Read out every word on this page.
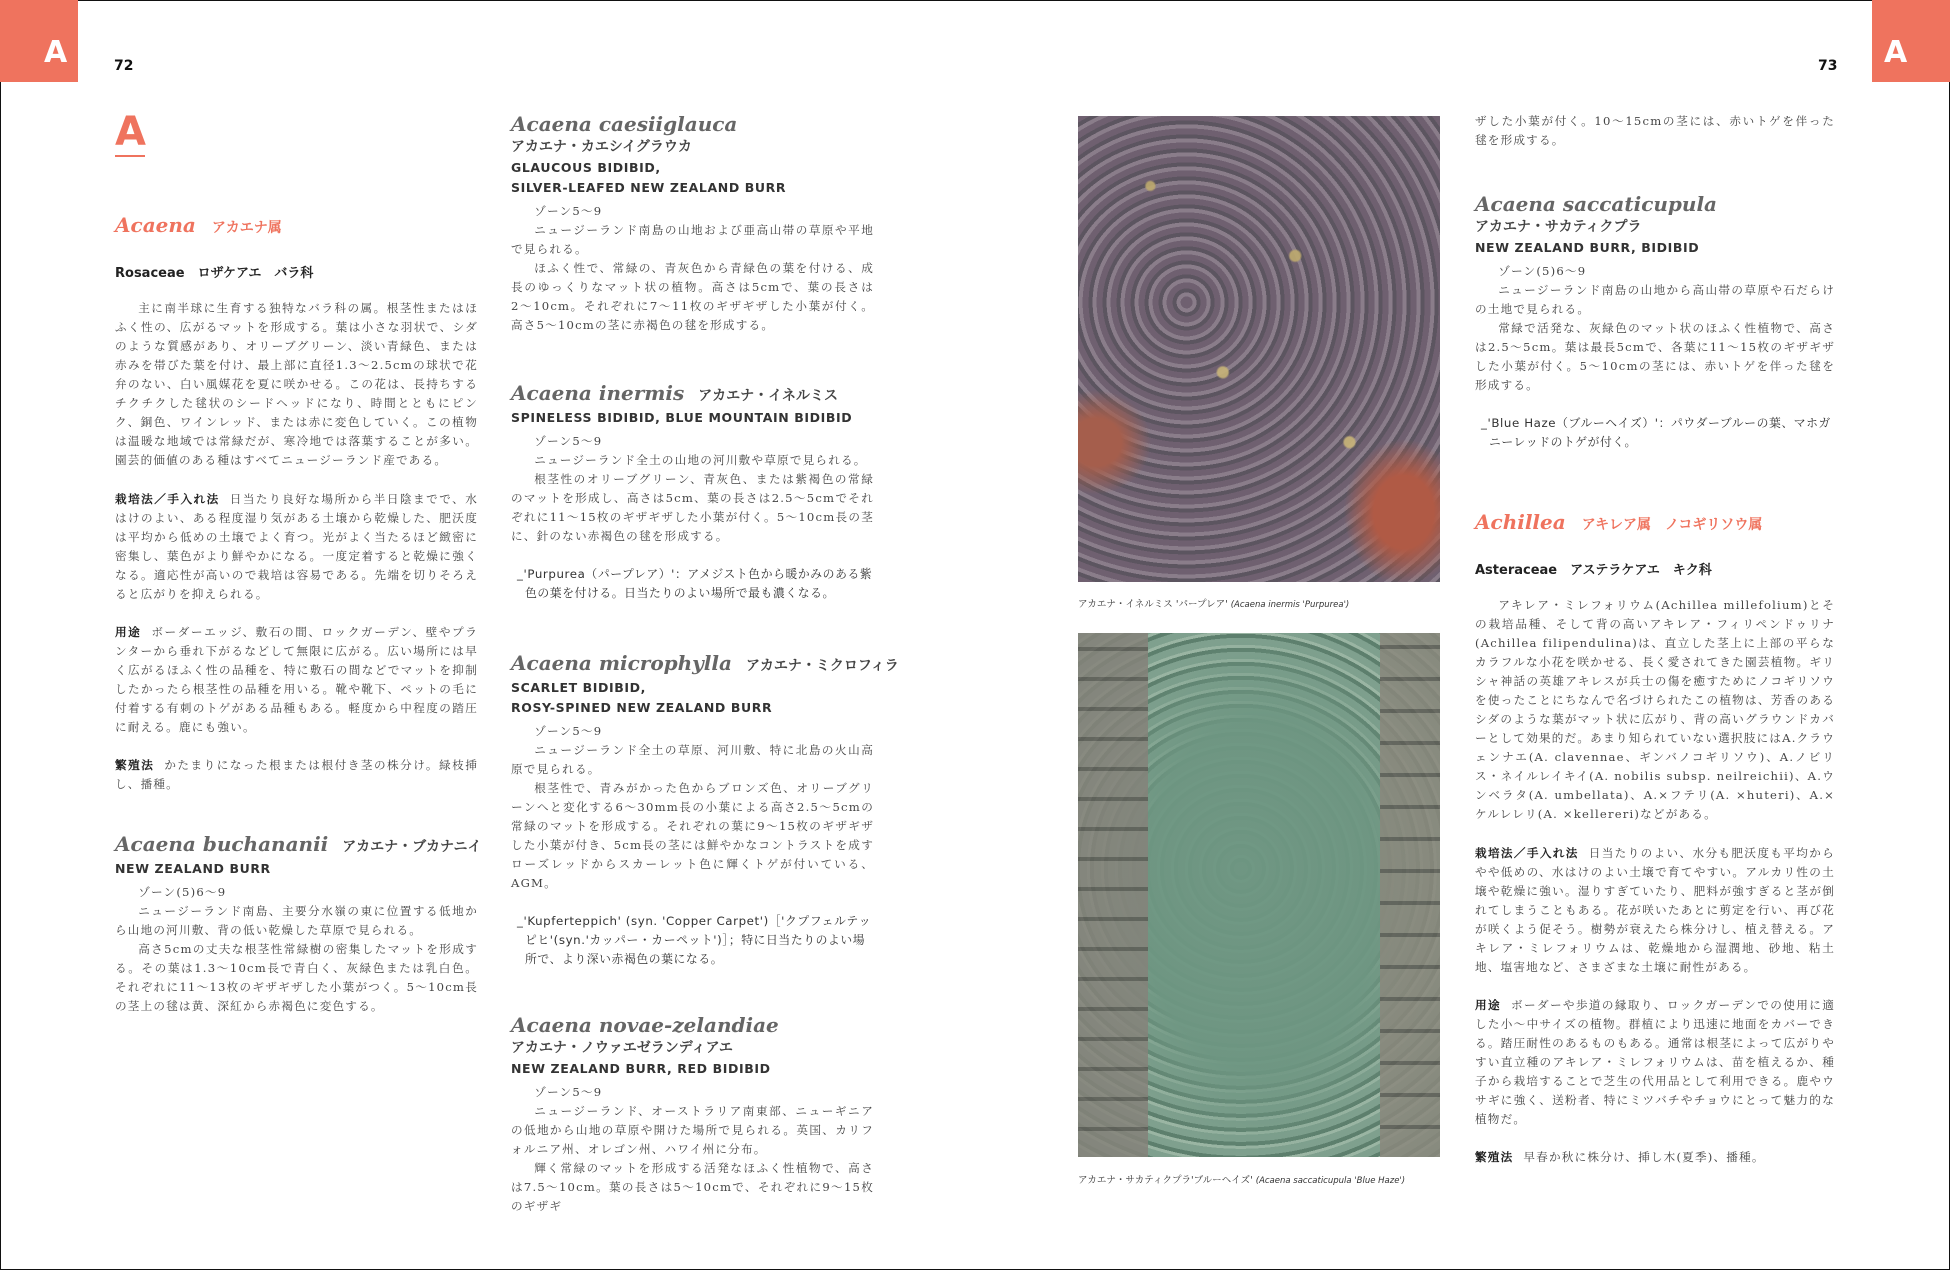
A	72
A
Acaena アカエナ属
Rosaceae　ロザケアエ　バラ科

主に南半球に生育する独特なバラ科の属。根茎性またはほふく性の、広がるマットを形成する。葉は小さな羽状で、シダのような質感があり、オリーブグリーン、淡い青緑色、または赤みを帯びた葉を付け、最上部に直径1.3〜2.5cmの球状で花弁のない、白い風媒花を夏に咲かせる。この花は、長持ちするチクチクした毬状のシードヘッドになり、時間とともにピンク、銅色、ワインレッド、または赤に変色していく。この植物は温暖な地域では常緑だが、寒冷地では落葉することが多い。園芸的価値のある種はすべてニュージーランド産である。

栽培法／手入れ法 日当たり良好な場所から半日陰までで、水はけのよい、ある程度湿り気がある土壌から乾燥した、肥沃度は平均から低めの土壌でよく育つ。光がよく当たるほど緻密に密集し、葉色がより鮮やかになる。一度定着すると乾燥に強くなる。適応性が高いので栽培は容易である。先端を切りそろえると広がりを抑えられる。

用途 ボーダーエッジ、敷石の間、ロックガーデン、壁やプランターから垂れ下がるなどして無限に広がる。広い場所には早く広がるほふく性の品種を、特に敷石の間などでマットを抑制したかったら根茎性の品種を用いる。靴や靴下、ペットの毛に付着する有刺のトゲがある品種もある。軽度から中程度の踏圧に耐える。鹿にも強い。

繁殖法 かたまりになった根または根付き茎の株分け。緑枝挿し、播種。

Acaena buchananii アカエナ・ブカナニイ
NEW ZEALAND BURR

ゾーン(5)6〜9

ニュージーランド南島、主要分水嶺の東に位置する低地から山地の河川敷、背の低い乾燥した草原で見られる。

高さ5cmの丈夫な根茎性常緑樹の密集したマットを形成する。その葉は1.3〜10cm長で青白く、灰緑色または乳白色。それぞれに11〜13枚のギザギザした小葉がつく。5〜10cm長の茎上の毬は黄、深紅から赤褐色に変色する。

Acaena caesiiglauca
アカエナ・カエシイグラウカ
GLAUCOUS BIDIBID,
SILVER-LEAFED NEW ZEALAND BURR

ゾーン5〜9

ニュージーランド南島の山地および亜高山帯の草原や平地で見られる。

ほふく性で、常緑の、青灰色から青緑色の葉を付ける、成長のゆっくりなマット状の植物。高さは5cmで、葉の長さは2〜10cm。それぞれに7〜11枚のギザギザした小葉が付く。高さ5〜10cmの茎に赤褐色の毬を形成する。

Acaena inermis アカエナ・イネルミス
SPINELESS BIDIBID, BLUE MOUNTAIN BIDIBID

ゾーン5〜9

ニュージーランド全土の山地の河川敷や草原で見られる。

根茎性のオリーブグリーン、青灰色、または紫褐色の常緑のマットを形成し、高さは5cm、葉の長さは2.5〜5cmでそれぞれに11〜15枚のギザギザした小葉が付く。5〜10cm長の茎に、針のない赤褐色の毬を形成する。

_'Purpurea（パープレア）'：アメジスト色から暖かみのある紫色の葉を付ける。日当たりのよい場所で最も濃くなる。
Acaena microphylla アカエナ・ミクロフィラ
SCARLET BIDIBID,
ROSY-SPINED NEW ZEALAND BURR

ゾーン5〜9

ニュージーランド全土の草原、河川敷、特に北島の火山高原で見られる。

根茎性で、青みがかった色からブロンズ色、オリーブグリーンへと変化する6〜30mm長の小葉による高さ2.5〜5cmの常緑のマットを形成する。それぞれの葉に9〜15枚のギザギザした小葉が付き、5cm長の茎には鮮やかなコントラストを成すローズレッドからスカーレット色に輝くトゲが付いている、AGM。

_'Kupferteppich' (syn. 'Copper Carpet')［'クプフェルテッピヒ'(syn.'カッパー・カーペット')］；特に日当たりのよい場所で、より深い赤褐色の葉になる。
Acaena novae-zelandiae
アカエナ・ノウァエゼランディアエ
NEW ZEALAND BURR, RED BIDIBID

ゾーン5〜9

ニュージーランド、オーストラリア南東部、ニューギニアの低地から山地の草原や開けた場所で見られる。英国、カリフォルニア州、オレゴン州、ハワイ州に分布。

輝く常緑のマットを形成する活発なほふく性植物で、高さは7.5〜10cm。葉の長さは5〜10cmで、それぞれに9〜15枚のギザギ

A
73
アカエナ・イネルミス 'パープレア' (Acaena inermis 'Purpurea')
アカエナ・サカティクプラ'ブルーヘイズ' (Acaena saccaticupula 'Blue Haze')

ザした小葉が付く。10〜15cmの茎には、赤いトゲを伴った毬を形成する。

Acaena saccaticupula
アカエナ・サカティクプラ
NEW ZEALAND BURR, BIDIBID

ゾーン(5)6〜9

ニュージーランド南島の山地から高山帯の草原や石だらけの土地で見られる。

常緑で活発な、灰緑色のマット状のほふく性植物で、高さは2.5〜5cm。葉は最長5cmで、各葉に11〜15枚のギザギザした小葉が付く。5〜10cmの茎には、赤いトゲを伴った毬を形成する。

_'Blue Haze（ブルーヘイズ）'：パウダーブルーの葉、マホガニーレッドのトゲが付く。
Achillea アキレア属　ノコギリソウ属
Asteraceae　アステラケアエ　キク科

アキレア・ミレフォリウム(Achillea millefolium)とその栽培品種、そして背の高いアキレア・フィリペンドゥリナ(Achillea filipendulina)は、直立した茎上に上部の平らなカラフルな小花を咲かせる、長く愛されてきた園芸植物。ギリシャ神話の英雄アキレスが兵士の傷を癒すためにノコギリソウを使ったことにちなんで名づけられたこの植物は、芳香のあるシダのような葉がマット状に広がり、背の高いグラウンドカバーとして効果的だ。あまり知られていない選択肢にはA.クラウェンナエ(A. clavennae、ギンバノコギリソウ)、A.ノビリス・ネイルレイキイ(A. nobilis subsp. neilreichii)、A.ウンベラタ(A. umbellata)、A.×フテリ(A. ×huteri)、A.×ケルレレリ(A. ×kellereri)などがある。

栽培法／手入れ法 日当たりのよい、水分も肥沃度も平均からやや低めの、水はけのよい土壌で育てやすい。アルカリ性の土壌や乾燥に強い。湿りすぎていたり、肥料が強すぎると茎が倒れてしまうこともある。花が咲いたあとに剪定を行い、再び花が咲くよう促そう。樹勢が衰えたら株分けし、植え替える。アキレア・ミレフォリウムは、乾燥地から湿潤地、砂地、粘土地、塩害地など、さまざまな土壌に耐性がある。

用途 ボーダーや歩道の縁取り、ロックガーデンでの使用に適した小〜中サイズの植物。群植により迅速に地面をカバーできる。踏圧耐性のあるものもある。通常は根茎によって広がりやすい直立種のアキレア・ミレフォリウムは、苗を植えるか、種子から栽培することで芝生の代用品として利用できる。鹿やウサギに強く、送粉者、特にミツバチやチョウにとって魅力的な植物だ。

繁殖法 早春か秋に株分け、挿し木(夏季)、播種。
